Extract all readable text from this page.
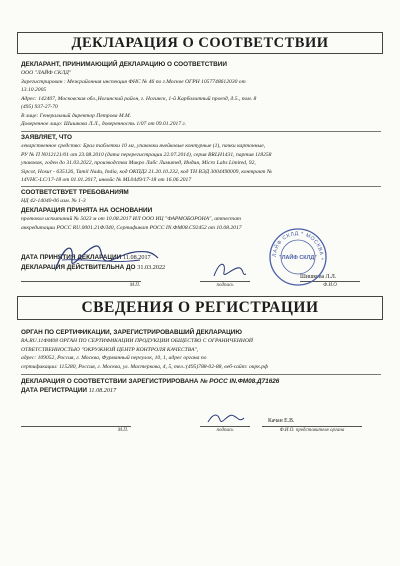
ДЕКЛАРАЦИЯ О СООТВЕТСТВИИ
ДЕКЛАРАНТ, ПРИНИМАЮЩИЙ ДЕКЛАРАЦИЮ О СООТВЕТСТВИИ
ООО "ЛАЙФ СКЛД"
Зарегистрирован : Межрайонная инспекция ФНС № 46 по г.Москве ОГРН 1057748612030 от
13.10.2005
Адрес: 142407, Московская обл.,Ногинский район, г. Ногинск, 1-й Карболитный проезд, д.5., пом. 8
(495) 937-27-70
В лице: Генеральный директор Петрова М.М.
Доверенное лицо: Шишкова Л.Л., доверенность 1/07 от 09.01.2017 г.
ЗАЯВЛЯЕТ, ЧТО
лекарственное средство: Брал таблетки 10 мг, упаковки ячейковые контурные (1), пачки картонные,
РУ № П N012121/01 от 23.08.2010 (дата перерегистрации 22.07.2014), серия BRLH1431, партия 118258
упаковок, годен до 31.03.2022, производства Микро Лабс Лимитед, Индия, Micro Labs Limited, 92,
Sipcot, Hosur - 635126, Tamil Nadu, India, код ОКПД2 21.20.10.232, код ТН ВЭД 3004490009, контракт №
14VHC-LC/17-18 от 01.01.2017, инвойс № ML0449/17-18 от 16.06.2017
СООТВЕТСТВУЕТ ТРЕБОВАНИЯМ
НД 42-14040-06 изм. № 1-3
ДЕКЛАРАЦИЯ ПРИНЯТА НА ОСНОВАНИИ
протокол испытаний № 5023 м от 10.08.2017 ИЛ ООО ИЦ "ФАРМОБОРОНА", аттестат
аккредитации РОСС RU.0001.21ФЛ40, Сертификат РОСС IN.ФМ08.С92452 от 10.08.2017
ДАТА ПРИНЯТИЯ ДЕКЛАРАЦИИ 11.08.2017
ДЕКЛАРАЦИЯ ДЕЙСТВИТЕЛЬНА ДО 31.03.2022
М.П.	подпись	Ф.И.О
Шишкова Л.Л.
ЛАЙФ СКЛД * МОСКВА *
"ЛАЙФ СКЛД"
СВЕДЕНИЯ О РЕГИСТРАЦИИ
ОРГАН ПО СЕРТИФИКАЦИИ, ЗАРЕГИСТРИРОВАВШИЙ ДЕКЛАРАЦИЮ
RA.RU.11ФМ08 ОРГАН ПО СЕРТИФИКАЦИИ ПРОДУКЦИИ ОБЩЕСТВО С ОГРАНИЧЕННОЙ
ОТВЕТСТВЕННОСТЬЮ "ОКРУЖНОЙ ЦЕНТР КОНТРОЛЯ КАЧЕСТВА",
адрес: 109052, Россия, г. Москва, Фурманный переулок, 10, 1, адрес органа по
сертификации: 115280, Россия, г. Москва, ул. Мастеркова, 4, 5, тел.:(495)788-02-88, веб-сайт: окрк.рф
ДЕКЛАРАЦИЯ О СООТВЕТСТВИИ ЗАРЕГИСТРИРОВАНА № РОСС IN.ФМ08.Д71626
ДАТА РЕГИСТРАЦИИ 11.08.2017
Качан Е.В.
М.П.	подпись	Ф.И.О. представителя органа
